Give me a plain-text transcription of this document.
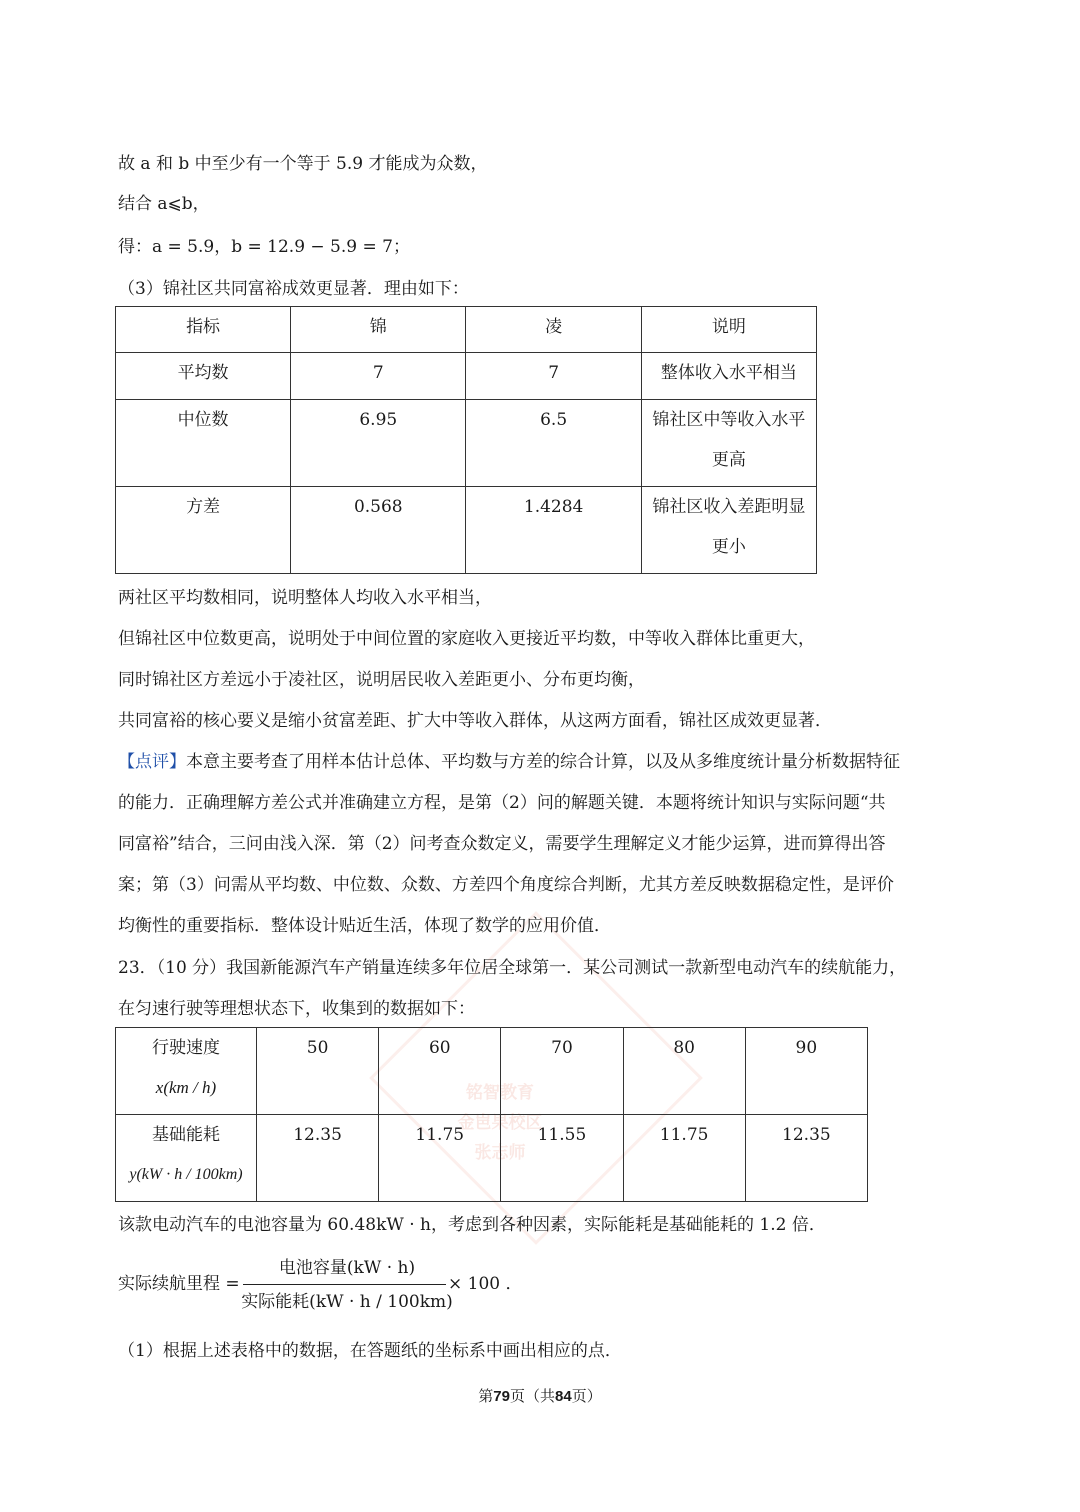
铭智教育
金岜果校区
张志师
故 a 和 b 中至少有一个等于 5.9 才能成为众数，
结合 a⩽b，
得：a = 5.9，b = 12.9 − 5.9 = 7；
（3）锦社区共同富裕成效更显著．理由如下：
指标	锦	凌	说明
平均数	7	7	整体收入水平相当
中位数	6.95	6.5	锦社区中等收入水平
更高

方差	0.568	1.4284	锦社区收入差距明显
更小
两社区平均数相同，说明整体人均收入水平相当，
但锦社区中位数更高，说明处于中间位置的家庭收入更接近平均数，中等收入群体比重更大，
同时锦社区方差远小于凌社区，说明居民收入差距更小、分布更均衡，
共同富裕的核心要义是缩小贫富差距、扩大中等收入群体，从这两方面看，锦社区成效更显著．
【点评】本意主要考查了用样本估计总体、平均数与方差的综合计算，以及从多维度统计量分析数据特征
的能力．正确理解方差公式并准确建立方程，是第（2）问的解题关键．本题将统计知识与实际问题“共
同富裕”结合，三问由浅入深．第（2）问考查众数定义，需要学生理解定义才能少运算，进而算得出答
案；第（3）问需从平均数、中位数、众数、方差四个角度综合判断，尤其方差反映数据稳定性，是评价
均衡性的重要指标．整体设计贴近生活，体现了数学的应用价值．
23．（10 分）我国新能源汽车产销量连续多年位居全球第一．某公司测试一款新型电动汽车的续航能力，
在匀速行驶等理想状态下，收集到的数据如下：
行驶速度
x(km / h)	50	60	70	80	90

基础能耗
y(kW · h / 100km)	12.35	11.75	11.55	11.75	12.35
该款电动汽车的电池容量为 60.48kW · h，考虑到各种因素，实际能耗是基础能耗的 1.2 倍．
实际续航里程 =
电池容量(kW · h)
实际能耗(kW · h / 100km)
× 100 ．
（1）根据上述表格中的数据，在答题纸的坐标系中画出相应的点．
第79页（共84页）
